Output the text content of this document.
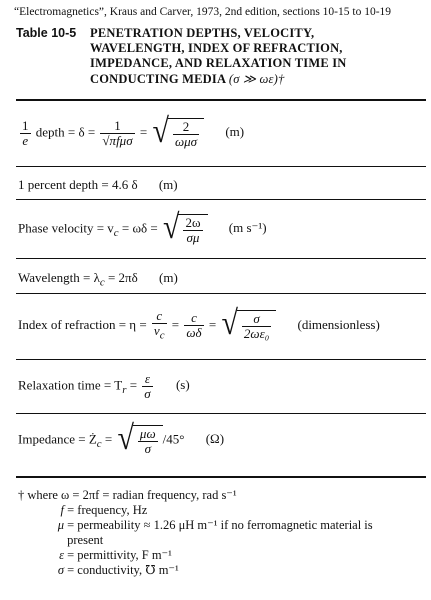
“Electromagnetics”, Kraus and Carver, 1973, 2nd edition, sections 10-15 to 10-19
Table 10-5 PENETRATION DEPTHS, VELOCITY,
WAVELENGTH, INDEX OF REFRACTION,
IMPEDANCE, AND RELAXATION TIME IN
CONDUCTING MEDIA (σ ≫ ωε)†
$\frac{1}{e}$ depth = $\delta = \frac{1}{\text{√πfμσ}}$ = √ $\frac{2}{\text{ωμσ}} (m)$
1 percent depth = 4.6 δ (m)
Phase velocity = $v_c = \omega\delta$ = √ $\frac{2\omega}{\sigma\mu} (m$ s⁻¹)
Wavelength = $\lambda_c = 2\pi\delta$ (m)
Index of refraction = $\eta = \frac{c}{v_c} = \frac{c}{\omega\delta}$ = √ $\frac{\sigma}{\text{2ωε₀}}$ (dimensionless)
Relaxation time = $T_r = \frac{\varepsilon}{\sigma} (s)$
Impedance = $Ż_c$ = √ $\frac{\mu\omega}{\sigma} /45^\circ$ (Ω)
† where ω = 2πf = radian frequency, rad s⁻¹
f = frequency, Hz
μ = permeability ≈ 1.26 μH m⁻¹ if no ferromagnetic material is
present
ε = permittivity, F m⁻¹
σ = conductivity, ℧ m⁻¹
